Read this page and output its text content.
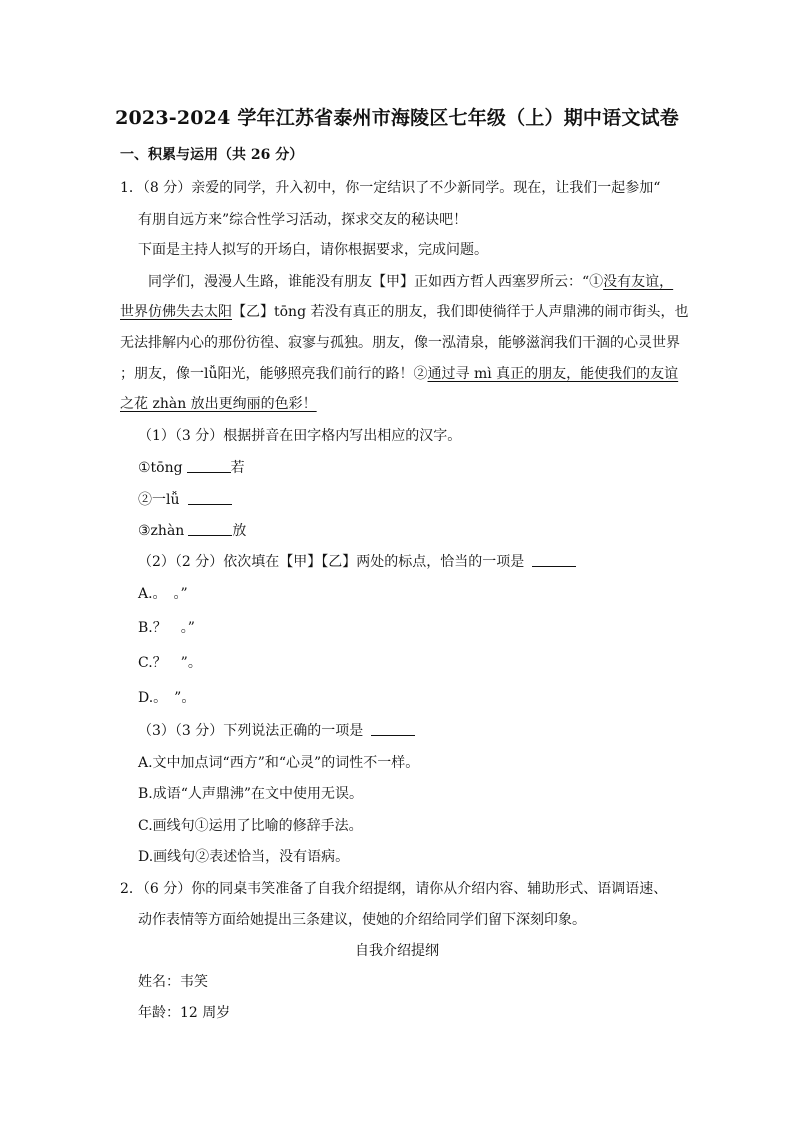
2023-2024 学年江苏省泰州市海陵区七年级（上）期中语文试卷
一、积累与运用（共 26 分）
1．（8 分）亲爱的同学，升入初中，你一定结识了不少新同学。现在，让我们一起参加“
有朋自远方来”综合性学习活动，探求交友的秘诀吧！
下面是主持人拟写的开场白，请你根据要求，完成问题。
同学们，漫漫人生路，谁能没有朋友【甲】正如西方哲人西塞罗所云：“①没有友谊，
世界仿佛失去太阳【乙】tōng 若没有真正的朋友，我们即使徜徉于人声鼎沸的闹市街头，也
无法排解内心的那份彷徨、寂寥与孤独。朋友，像一泓清泉，能够滋润我们干涸的心灵世界
；朋友，像一lǚ阳光，能够照亮我们前行的路！②通过寻 mì 真正的朋友，能使我们的友谊
之花 zhàn 放出更绚丽的色彩！
（1）（3 分）根据拼音在田字格内写出相应的汉字。
①tōng	若
②一lǚ
③zhàn	放
（2）（2 分）依次填在【甲】【乙】两处的标点，恰当的一项是
A.。　。”
B.？　。”
C.？　”。
D.。　”。
（3）（3 分）下列说法正确的一项是
A.文中加点词“西方”和“心灵”的词性不一样。
B.成语“人声鼎沸”在文中使用无误。
C.画线句①运用了比喻的修辞手法。
D.画线句②表述恰当，没有语病。
2．（6 分）你的同桌韦笑准备了自我介绍提纲，请你从介绍内容、辅助形式、语调语速、
动作表情等方面给她提出三条建议，使她的介绍给同学们留下深刻印象。
自我介绍提纲
姓名：韦笑
年龄：12 周岁
